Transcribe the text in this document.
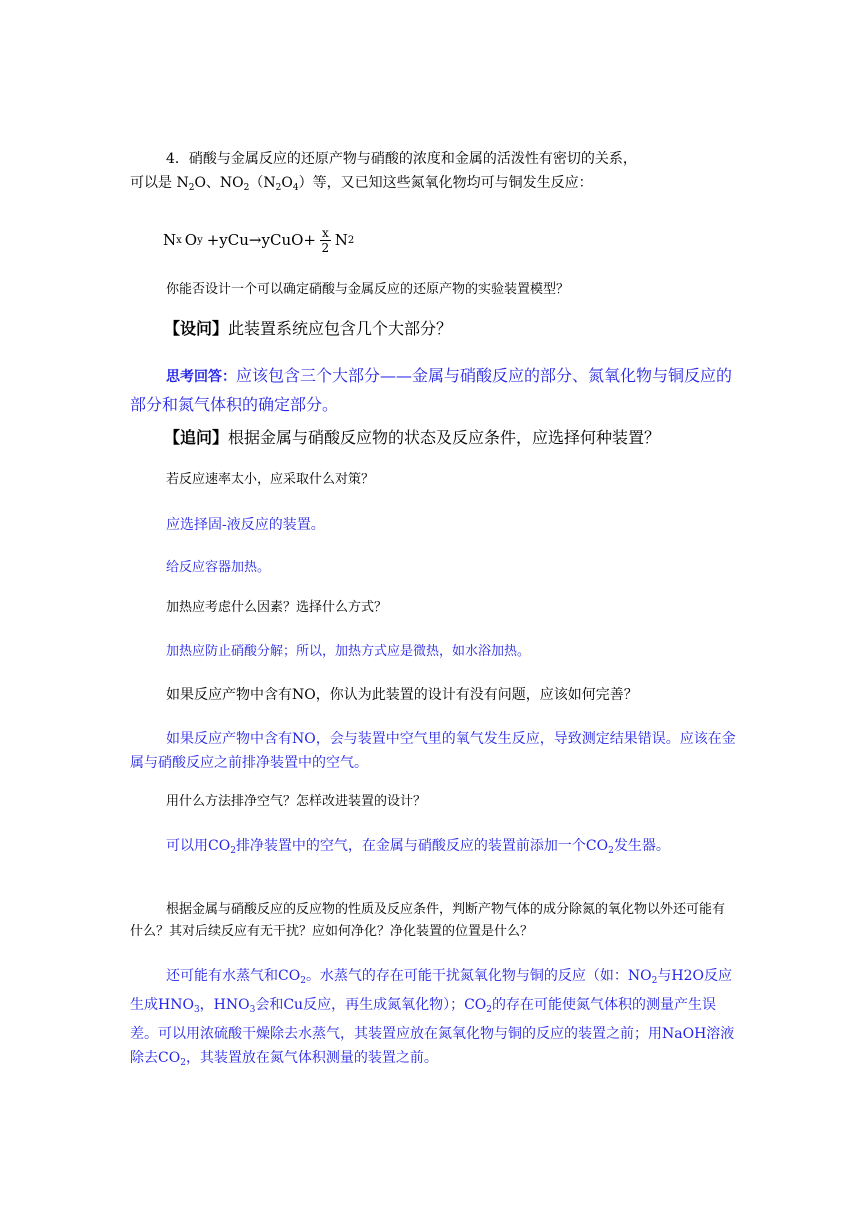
4．硝酸与金属反应的还原产物与硝酸的浓度和金属的活泼性有密切的关系，
可以是 $N_2O$、$NO_2(N_2O_4)$等，又已知这些氮氧化物均可与铜发生反应：

N x O y +yCu → yCuO+ $\frac{x}{2}$ N 2

你能否设计一个可以确定硝酸与金属反应的还原产物的实验装置模型？

【设问】此装置系统应包含几个大部分？

思考回答：应该包含三个大部分——金属与硝酸反应的部分、氮氧化物与铜反应的部分和氮气体积的确定部分。

【追问】根据金属与硝酸反应物的状态及反应条件，应选择何种装置？

若反应速率太小，应采取什么对策？

应选择固-液反应的装置。

给反应容器加热。

加热应考虑什么因素？选择什么方式？

加热应防止硝酸分解；所以，加热方式应是微热，如水浴加热。

如果反应产物中含有NO，你认为此装置的设计有没有问题，应该如何完善？

如果反应产物中含有NO，会与装置中空气里的氧气发生反应，导致测定结果错误。应该在金属与硝酸反应之前排净装置中的空气。

用什么方法排净空气？怎样改进装置的设计？

可以用$CO_2$排净装置中的空气，在金属与硝酸反应的装置前添加一个$CO_2$发生器。

根据金属与硝酸反应的反应物的性质及反应条件，判断产物气体的成分除氮的氧化物以外还可能有什么？其对后续反应有无干扰？应如何净化？净化装置的位置是什么？

还可能有水蒸气和$CO_2$。水蒸气的存在可能干扰氮氧化物与铜的反应（如：$NO_2$与H2O反应生成$HNO_3$，$HNO_3$会和Cu反应，再生成氮氧化物）；$CO_2$的存在可能使氮气体积的测量产生误差。可以用浓硫酸干燥除去水蒸气，其装置应放在氮氧化物与铜的反应的装置之前；用NaOH溶液除去$CO_2$，其装置放在氮气体积测量的装置之前。
